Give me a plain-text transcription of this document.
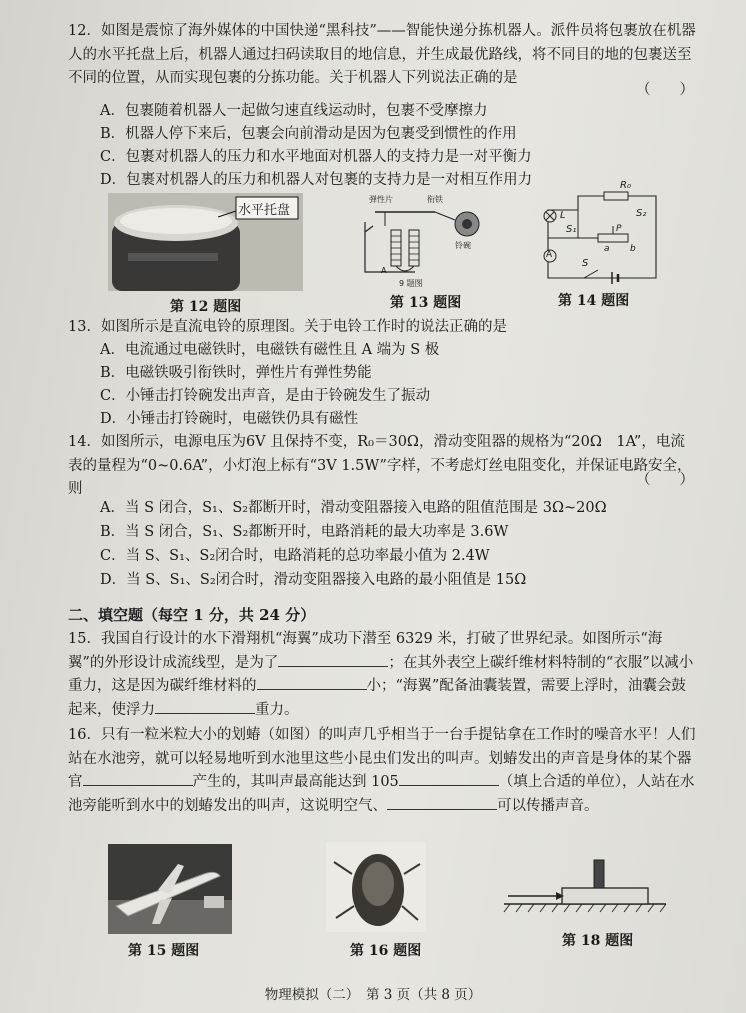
12．如图是震惊了海外媒体的中国快递“黑科技”——智能快递分拣机器人。派件员将包裹放在机器人的水平托盘上后，机器人通过扫码读取目的地信息，并生成最优路线，将不同目的地的包裹送至不同的位置，从而实现包裹的分拣功能。关于机器人下列说法正确的是
（　　）
A．包裹随着机器人一起做匀速直线运动时，包裹不受摩擦力
B．机器人停下来后，包裹会向前滑动是因为包裹受到惯性的作用
C．包裹对机器人的压力和水平地面对机器人的支持力是一对平衡力
D．包裹对机器人的压力和机器人对包裹的支持力是一对相互作用力
水平托盘
第 12 题图
弹性片	衔铁
铃碗
A
9 题图
第 13 题图
R₀
L	S₂
S₁	P
a b
A
S
第 14 题图
13．如图所示是直流电铃的原理图。关于电铃工作时的说法正确的是
A．电流通过电磁铁时，电磁铁有磁性且 A 端为 S 极
B．电磁铁吸引衔铁时，弹性片有弹性势能
C．小锤击打铃碗发出声音，是由于铃碗发生了振动
D．小锤击打铃碗时，电磁铁仍具有磁性
14．如图所示，电源电压为6V 且保持不变，R₀＝30Ω，滑动变阻器的规格为“20Ω　1A”，电流表的量程为“0~0.6A”，小灯泡上标有“3V 1.5W”字样，不考虑灯丝电阻变化，并保证电路安全，则
（　　）
A．当 S 闭合，S₁、S₂都断开时，滑动变阻器接入电路的阻值范围是 3Ω~20Ω
B．当 S 闭合，S₁、S₂都断开时，电路消耗的最大功率是 3.6W
C．当 S、S₁、S₂闭合时，电路消耗的总功率最小值为 2.4W
D．当 S、S₁、S₂闭合时，滑动变阻器接入电路的最小阻值是 15Ω
二、填空题（每空 1 分，共 24 分）
15．我国自行设计的水下滑翔机“海翼”成功下潜至 6329 米，打破了世界纪录。如图所示“海翼”的外形设计成流线型，是为了	；在其外表空上碳纤维材料特制的“衣服”以减小重力，这是因为碳纤维材料的	小；“海翼”配备油囊装置，需要上浮时，油囊会鼓起来，使浮力	重力。
16．只有一粒米粒大小的划蝽（如图）的叫声几乎相当于一台手提钻拿在工作时的噪音水平！人们站在水池旁，就可以轻易地听到水池里这些小昆虫们发出的叫声。划蝽发出的声音是身体的某个器官	产生的，其叫声最高能达到 105	（填上合适的单位），人站在水池旁能听到水中的划蝽发出的叫声，这说明空气、	可以传播声音。
第 15 题图	第 16 题图
第 18 题图
物理模拟（二）　第 3 页（共 8 页）
